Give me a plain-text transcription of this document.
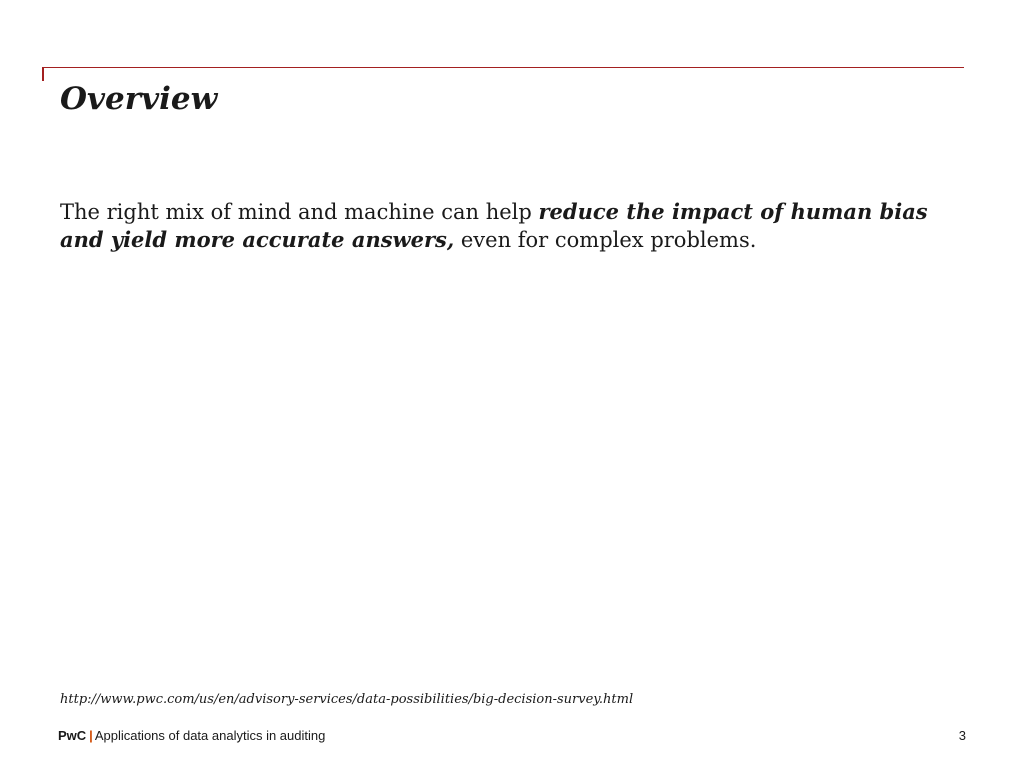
Overview

The right mix of mind and machine can help reduce the impact of human bias and yield more accurate answers, even for complex problems.

http://www.pwc.com/us/en/advisory-services/data-possibilities/big-decision-survey.html

PwC | Applications of data analytics in auditing	3
